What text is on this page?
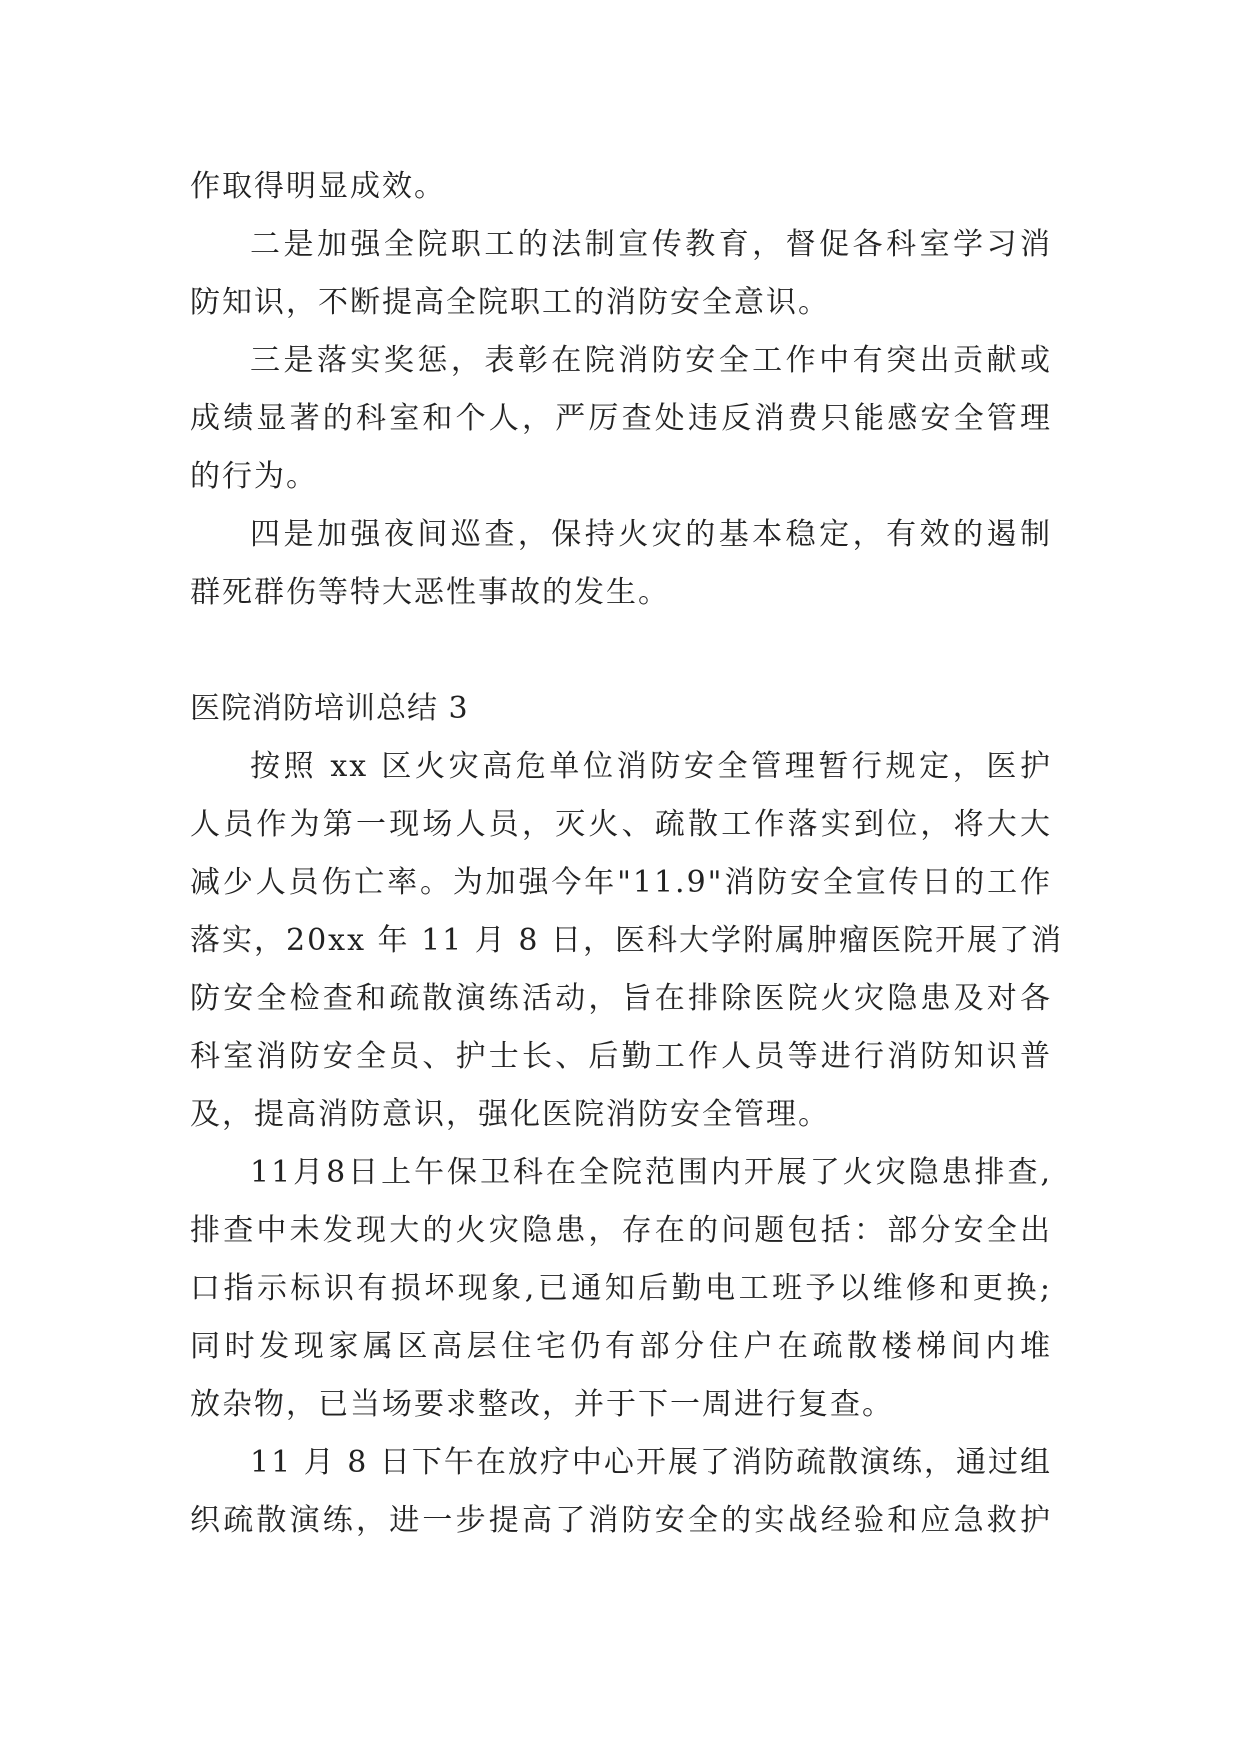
作取得明显成效。
二是加强全院职工的法制宣传教育，督促各科室学习消
防知识，不断提高全院职工的消防安全意识。
三是落实奖惩，表彰在院消防安全工作中有突出贡献或
成绩显著的科室和个人，严厉查处违反消费只能感安全管理
的行为。
四是加强夜间巡查，保持火灾的基本稳定，有效的遏制
群死群伤等特大恶性事故的发生。
医院消防培训总结 3
按照 xx 区火灾高危单位消防安全管理暂行规定，医护
人员作为第一现场人员，灭火、疏散工作落实到位，将大大
减少人员伤亡率。为加强今年"11.9"消防安全宣传日的工作
落实，20xx 年 11 月 8 日，医科大学附属肿瘤医院开展了消
防安全检查和疏散演练活动，旨在排除医院火灾隐患及对各
科室消防安全员、护士长、后勤工作人员等进行消防知识普
及，提高消防意识，强化医院消防安全管理。
11月8日上午保卫科在全院范围内开展了火灾隐患排查,
排查中未发现大的火灾隐患，存在的问题包括：部分安全出
口指示标识有损坏现象,已通知后勤电工班予以维修和更换;
同时发现家属区高层住宅仍有部分住户在疏散楼梯间内堆
放杂物，已当场要求整改，并于下一周进行复查。
11 月 8 日下午在放疗中心开展了消防疏散演练，通过组
织疏散演练，进一步提高了消防安全的实战经验和应急救护
